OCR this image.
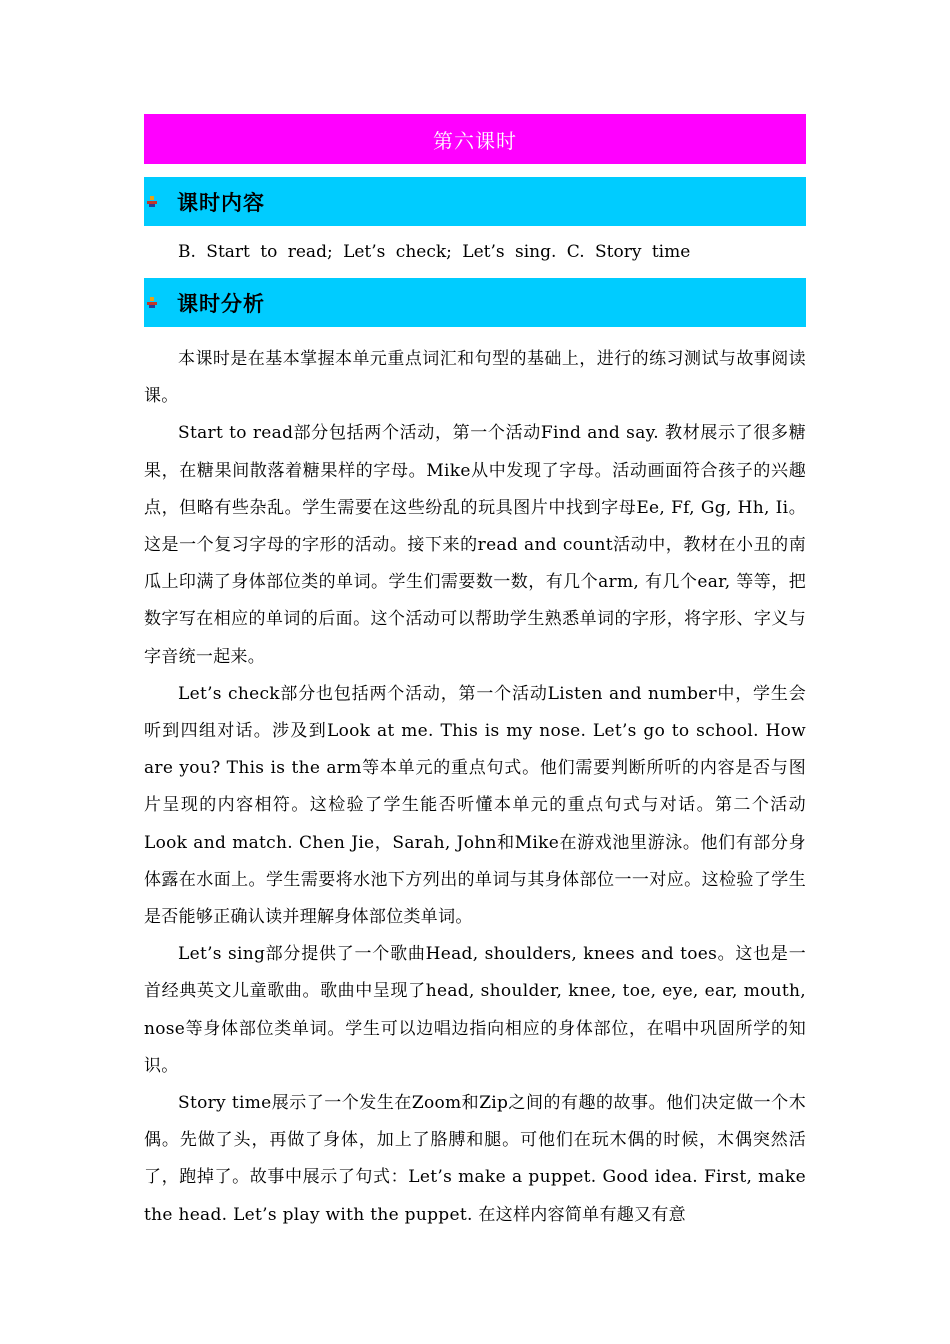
第六课时
课时内容
B. Start to read; Let’s check; Let’s sing. C. Story time
课时分析

本课时是在基本掌握本单元重点词汇和句型的基础上，进行的练习测试与故事阅读课。

Start to read部分包括两个活动，第一个活动Find and say. 教材展示了很多糖果，在糖果间散落着糖果样的字母。Mike从中发现了字母。活动画面符合孩子的兴趣点，但略有些杂乱。学生需要在这些纷乱的玩具图片中找到字母Ee, Ff, Gg, Hh, Ii。这是一个复习字母的字形的活动。接下来的read and count活动中，教材在小丑的南瓜上印满了身体部位类的单词。学生们需要数一数，有几个arm, 有几个ear, 等等，把数字写在相应的单词的后面。这个活动可以帮助学生熟悉单词的字形，将字形、字义与字音统一起来。

Let’s check部分也包括两个活动，第一个活动Listen and number中，学生会听到四组对话。涉及到Look at me. This is my nose. Let’s go to school. How are you? This is the arm等本单元的重点句式。他们需要判断所听的内容是否与图片呈现的内容相符。这检验了学生能否听懂本单元的重点句式与对话。第二个活动Look and match. Chen Jie，Sarah, John和Mike在游戏池里游泳。他们有部分身体露在水面上。学生需要将水池下方列出的单词与其身体部位一一对应。这检验了学生是否能够正确认读并理解身体部位类单词。

Let’s sing部分提供了一个歌曲Head, shoulders, knees and toes。这也是一首经典英文儿童歌曲。歌曲中呈现了head, shoulder, knee, toe, eye, ear, mouth, nose等身体部位类单词。学生可以边唱边指向相应的身体部位，在唱中巩固所学的知识。

Story time展示了一个发生在Zoom和Zip之间的有趣的故事。他们决定做一个木偶。先做了头，再做了身体，加上了胳膊和腿。可他们在玩木偶的时候，木偶突然活了，跑掉了。故事中展示了句式：Let’s make a puppet. Good idea. First, make the head. Let’s play with the puppet. 在这样内容简单有趣又有意
